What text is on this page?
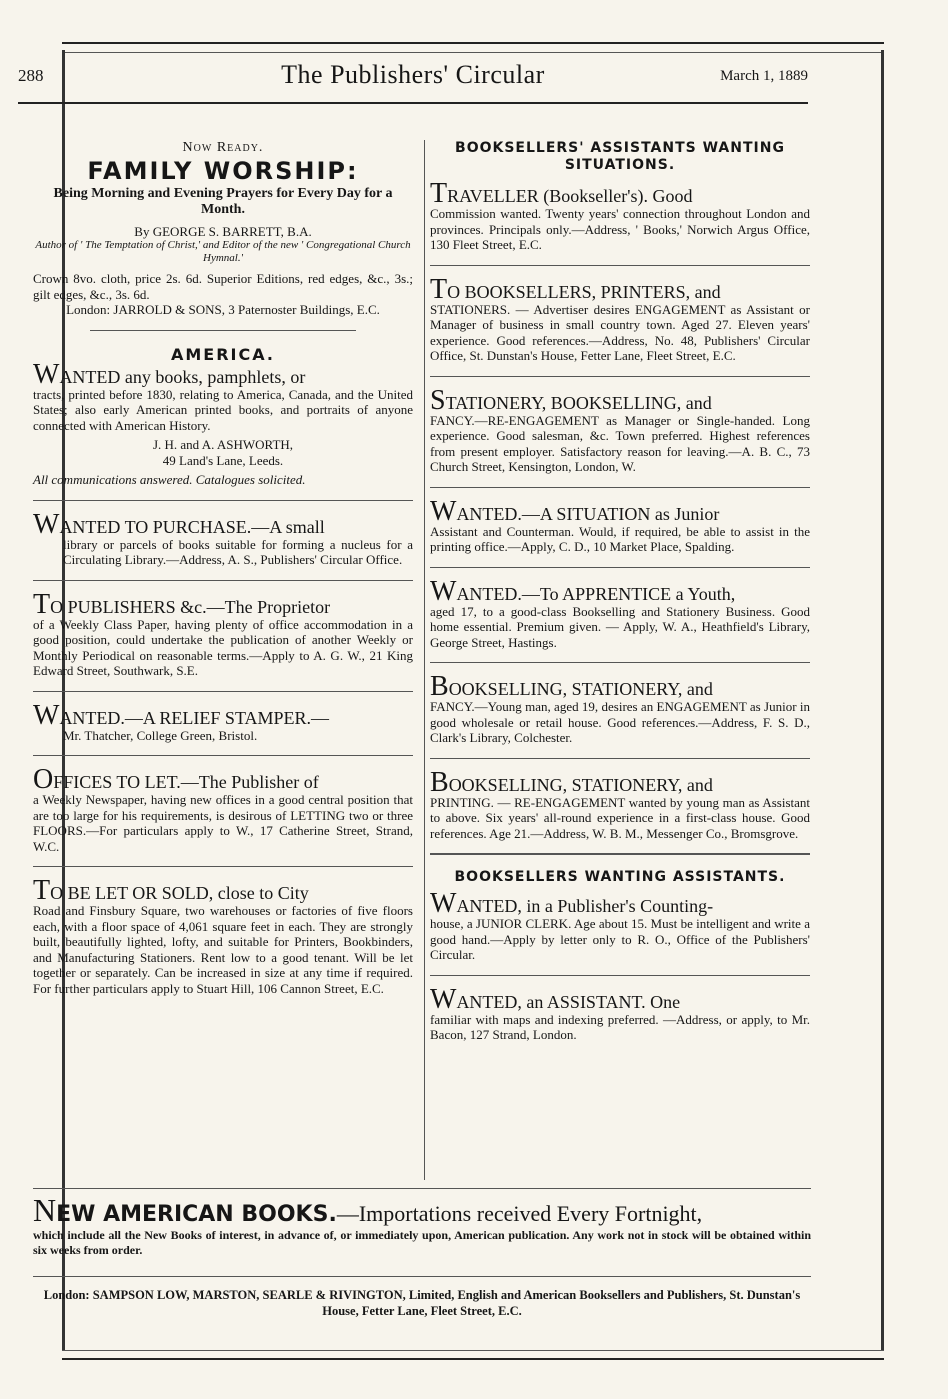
288	The Publishers' Circular	March 1, 1889

Now Ready.

FAMILY WORSHIP:

Being Morning and Evening Prayers for Every Day for a Month.

By GEORGE S. BARRETT, B.A.

Author of ' The Temptation of Christ,' and Editor of the new ' Congregational Church Hymnal.'

Crown 8vo. cloth, price 2s. 6d. Superior Editions, red edges, &c., 3s.; gilt edges, &c., 3s. 6d.

London: JARROLD & SONS, 3 Paternoster Buildings, E.C.

AMERICA.

WANTED any books, pamphlets, or

tracts, printed before 1830, relating to America, Canada, and the United States; also early American printed books, and portraits of anyone connected with American History.

J. H. and A. ASHWORTH,

49 Land's Lane, Leeds.

All communications answered. Catalogues solicited.

WANTED TO PURCHASE.—A small

library or parcels of books suitable for forming a nucleus for a Circulating Library.—Address, A. S., Publishers' Circular Office.

TO PUBLISHERS &c.—The Proprietor

of a Weekly Class Paper, having plenty of office accommodation in a good position, could undertake the publication of another Weekly or Monthly Periodical on reasonable terms.—Apply to A. G. W., 21 King Edward Street, Southwark, S.E.

WANTED.—A RELIEF STAMPER.—

Mr. Thatcher, College Green, Bristol.

OFFICES TO LET.—The Publisher of

a Weekly Newspaper, having new offices in a good central position that are too large for his requirements, is desirous of LETTING two or three FLOORS.—For particulars apply to W., 17 Catherine Street, Strand, W.C.

TO BE LET OR SOLD, close to City

Road and Finsbury Square, two warehouses or factories of five floors each, with a floor space of 4,061 square feet in each. They are strongly built, beautifully lighted, lofty, and suitable for Printers, Bookbinders, and Manufacturing Stationers. Rent low to a good tenant. Will be let together or separately. Can be increased in size at any time if required. For further particulars apply to Stuart Hill, 106 Cannon Street, E.C.

BOOKSELLERS' ASSISTANTS WANTING SITUATIONS.

TRAVELLER (Bookseller's). Good

Commission wanted. Twenty years' connection throughout London and provinces. Principals only.—Address, ' Books,' Norwich Argus Office, 130 Fleet Street, E.C.

TO BOOKSELLERS, PRINTERS, and

STATIONERS. — Advertiser desires ENGAGEMENT as Assistant or Manager of business in small country town. Aged 27. Eleven years' experience. Good references.—Address, No. 48, Publishers' Circular Office, St. Dunstan's House, Fetter Lane, Fleet Street, E.C.

STATIONERY, BOOKSELLING, and

FANCY.—RE-ENGAGEMENT as Manager or Single-handed. Long experience. Good salesman, &c. Town preferred. Highest references from present employer. Satisfactory reason for leaving.—A. B. C., 73 Church Street, Kensington, London, W.

WANTED.—A SITUATION as Junior

Assistant and Counterman. Would, if required, be able to assist in the printing office.—Apply, C. D., 10 Market Place, Spalding.

WANTED.—To APPRENTICE a Youth,

aged 17, to a good-class Bookselling and Stationery Business. Good home essential. Premium given. — Apply, W. A., Heathfield's Library, George Street, Hastings.

BOOKSELLING, STATIONERY, and

FANCY.—Young man, aged 19, desires an ENGAGEMENT as Junior in good wholesale or retail house. Good references.—Address, F. S. D., Clark's Library, Colchester.

BOOKSELLING, STATIONERY, and

PRINTING. — RE-ENGAGEMENT wanted by young man as Assistant to above. Six years' all-round experience in a first-class house. Good references. Age 21.—Address, W. B. M., Messenger Co., Bromsgrove.

BOOKSELLERS WANTING ASSISTANTS.

WANTED, in a Publisher's Counting-

house, a JUNIOR CLERK. Age about 15. Must be intelligent and write a good hand.—Apply by letter only to R. O., Office of the Publishers' Circular.

WANTED, an ASSISTANT. One

familiar with maps and indexing preferred. —Address, or apply, to Mr. Bacon, 127 Strand, London.

NEW AMERICAN BOOKS.—Importations received Every Fortnight,

which include all the New Books of interest, in advance of, or immediately upon, American publication. Any work not in stock will be obtained within six weeks from order.

London: SAMPSON LOW, MARSTON, SEARLE & RIVINGTON, Limited, English and American Booksellers and Publishers, St. Dunstan's House, Fetter Lane, Fleet Street, E.C.
